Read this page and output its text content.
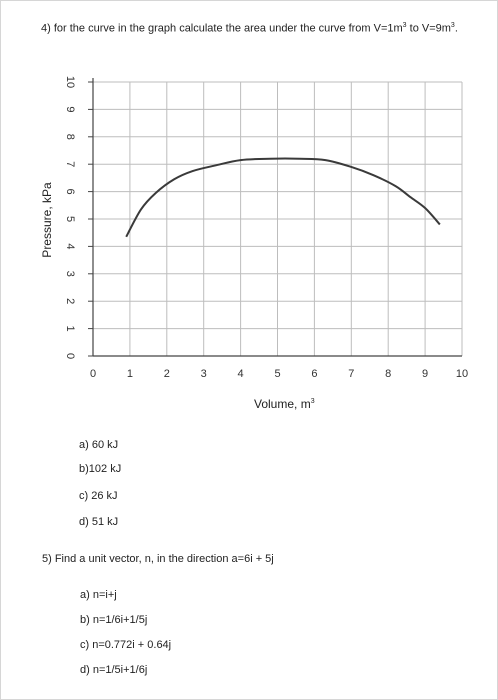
4) for the curve in the graph calculate the area under the curve from $V=1m^3$ to $V=9m^3$.
0
1
2
3
4
5
6
7
8
9
10
0	1	2	3	4	5	6	7	8	9	10
Volume, $m^3$
Pressure, kPa
a) 60 kJ
b)102 kJ
c) 26 kJ
d) 51 kJ
5) Find a unit vector, n, in the direction a=6i + 5j
a) n=i+j
b) n=1/6i+1/5j
c) n=0.772i + 0.64j
d) n=1/5i+1/6j
